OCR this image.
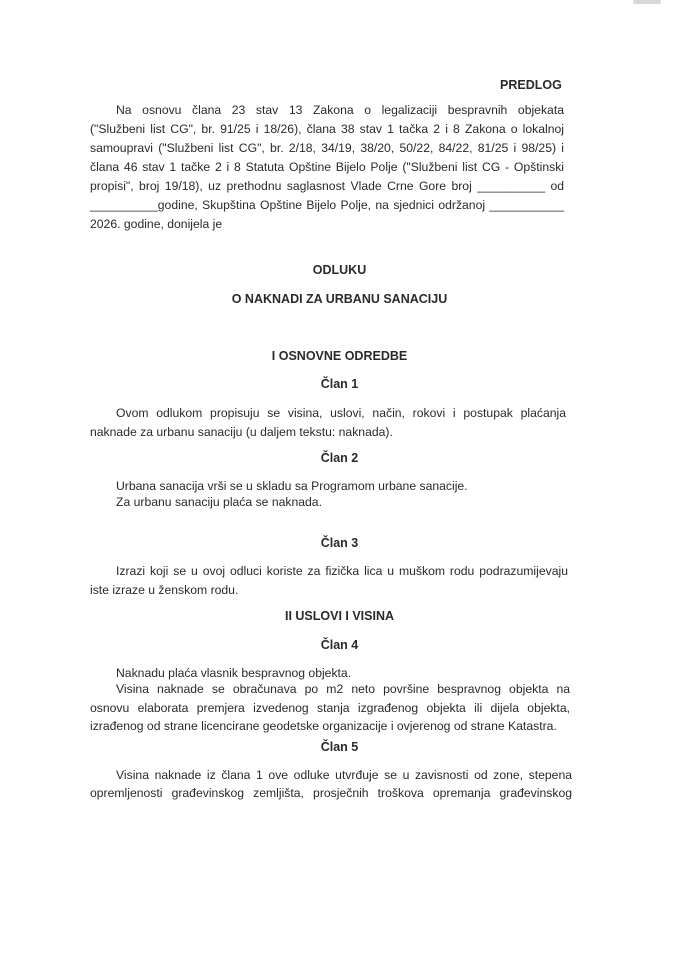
PREDLOG
Na osnovu člana 23 stav 13 Zakona o legalizaciji bespravnih objekata
("Službeni list CG", br. 91/25 i 18/26), člana 38 stav 1 tačka 2 i 8 Zakona o lokalnoj
samoupravi ("Službeni list CG", br. 2/18, 34/19, 38/20, 50/22, 84/22, 81/25 i 98/25) i
člana 46 stav 1 tačke 2 i 8 Statuta Opštine Bijelo Polje ("Službeni list CG - Opštinski
propisi", broj 19/18), uz prethodnu saglasnost Vlade Crne Gore broj __________ od
__________godine, Skupština Opštine Bijelo Polje, na sjednici održanoj ___________
2026. godine, donijela je
ODLUKU
O NAKNADI ZA URBANU SANACIJU
I OSNOVNE ODREDBE
Član 1
Ovom odlukom propisuju se visina, uslovi, način, rokovi i postupak plaćanja
naknade za urbanu sanaciju (u daljem tekstu: naknada).
Član 2
Urbana sanacija vrši se u skladu sa Programom urbane sanacije.
Za urbanu sanaciju plaća se naknada.
Član 3
Izrazi koji se u ovoj odluci koriste za fizička lica u muškom rodu podrazumijevaju
iste izraze u ženskom rodu.
II USLOVI I VISINA
Član 4
Naknadu plaća vlasnik bespravnog objekta.
Visina naknade se obračunava po m2 neto površine bespravnog objekta na
osnovu elaborata premjera izvedenog stanja izgrađenog objekta ili dijela objekta,
izrađenog od strane licencirane geodetske organizacije i ovjerenog od strane Katastra.
Član 5
Visina naknade iz člana 1 ove odluke utvrđuje se u zavisnosti od zone, stepena
opremljenosti građevinskog zemljišta, prosječnih troškova opremanja građevinskog
